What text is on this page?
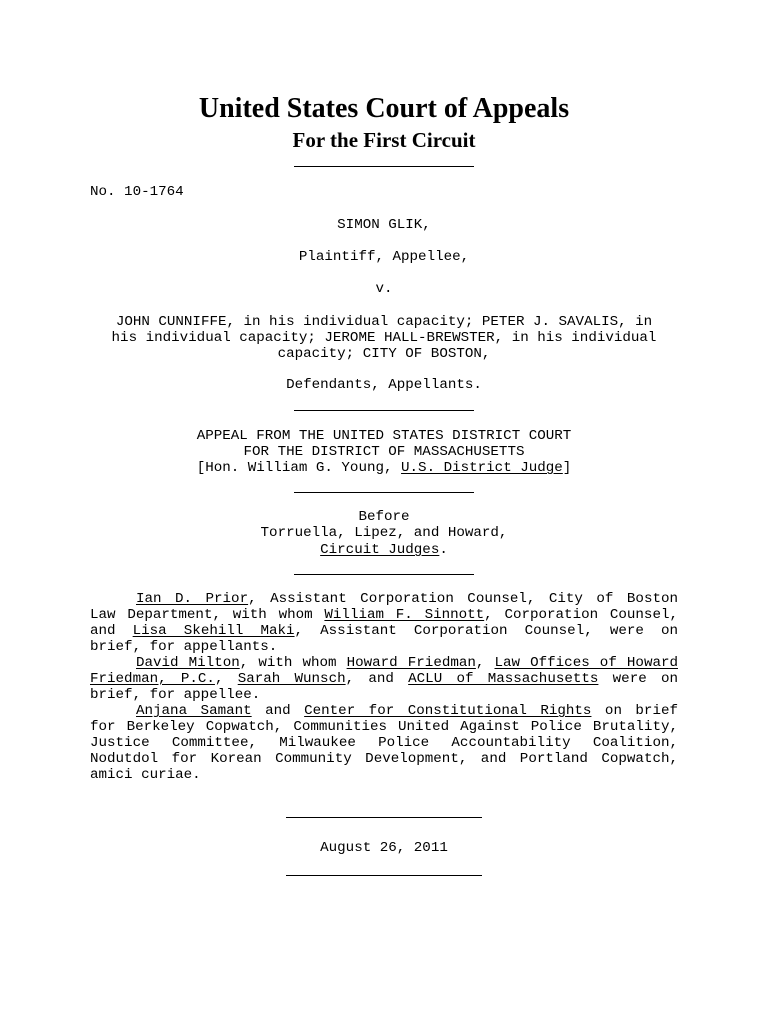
United States Court of Appeals
For the First Circuit
No. 10-1764
SIMON GLIK,
Plaintiff, Appellee,
v.
JOHN CUNNIFFE, in his individual capacity; PETER J. SAVALIS, in
his individual capacity; JEROME HALL-BREWSTER, in his individual
capacity; CITY OF BOSTON,
Defendants, Appellants.
APPEAL FROM THE UNITED STATES DISTRICT COURT
FOR THE DISTRICT OF MASSACHUSETTS
[Hon. William G. Young, U.S. District Judge]
Before
Torruella, Lipez, and Howard,
Circuit Judges.
Ian D. Prior, Assistant Corporation Counsel, City of Boston
Law Department, with whom William F. Sinnott, Corporation Counsel,
and Lisa Skehill Maki, Assistant Corporation Counsel, were on
brief, for appellants.
David Milton, with whom Howard Friedman, Law Offices of Howard
Friedman, P.C., Sarah Wunsch, and ACLU of Massachusetts were on
brief, for appellee.
Anjana Samant and Center for Constitutional Rights on brief
for Berkeley Copwatch, Communities United Against Police Brutality,
Justice Committee, Milwaukee Police Accountability Coalition,
Nodutdol for Korean Community Development, and Portland Copwatch,
amici curiae.
August 26, 2011
